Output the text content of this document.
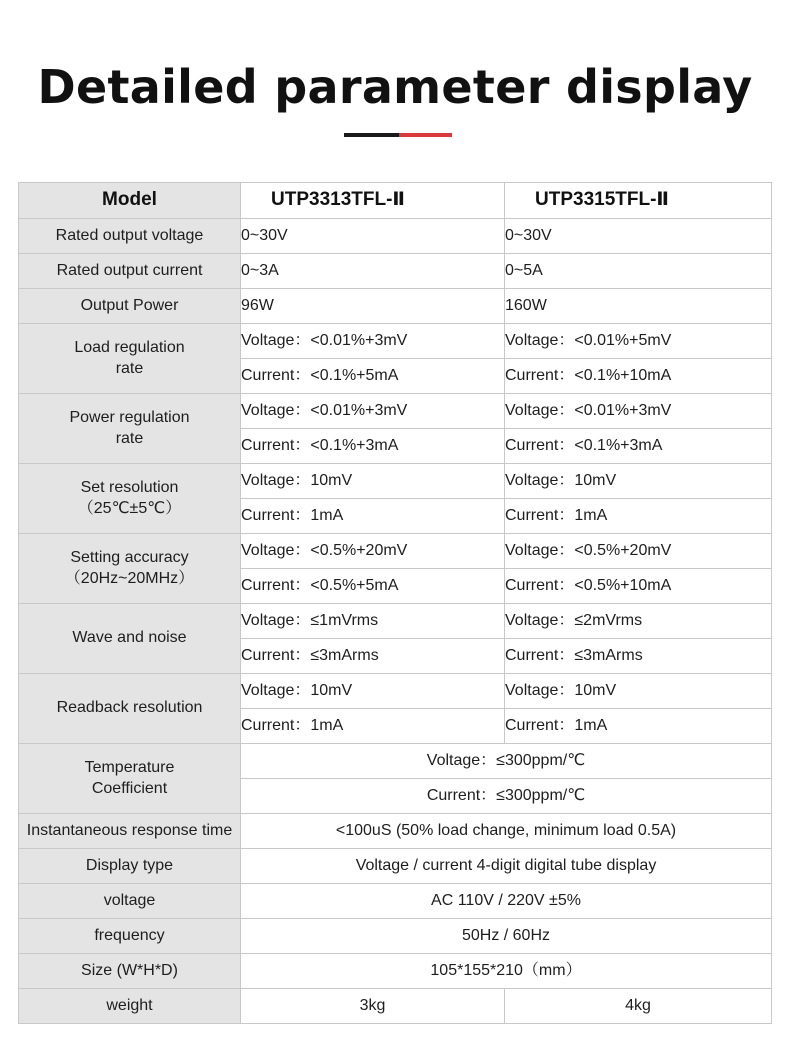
Detailed parameter display
Model	UTP3313TFL-Ⅱ	UTP3315TFL-Ⅱ
Rated output voltage	0~30V	0~30V
Rated output current	0~3A	0~5A
Output Power	96W	160W

Load regulation
rate	Voltage：<0.01%+3mV	Voltage：<0.01%+5mV
	Current：<0.1%+5mA	Current：<0.1%+10mA

Power regulation
rate	Voltage：<0.01%+3mV	Voltage：<0.01%+3mV
	Current：<0.1%+3mA	Current：<0.1%+3mA

Set resolution
（25℃±5℃）	Voltage：10mV	Voltage：10mV
	Current：1mA	Current：1mA

Setting accuracy
（20Hz~20MHz）	Voltage：<0.5%+20mV	Voltage：<0.5%+20mV
	Current：<0.5%+5mA	Current：<0.5%+10mA
Wave and noise	Voltage：≤1mVrms	Voltage：≤2mVrms
	Current：≤3mArms	Current：≤3mArms
Readback resolution	Voltage：10mV	Voltage：10mV
	Current：1mA	Current：1mA

Temperature
Coefficient	Voltage：≤300ppm/℃	
	Current：≤300ppm/℃	
Instantaneous response time	<100uS (50% load change, minimum load 0.5A)	
Display type	Voltage / current 4-digit digital tube display	
voltage	AC 110V / 220V ±5%	
frequency	50Hz / 60Hz	
Size (W*H*D)	105*155*210（mm）	
weight	3kg	4kg
